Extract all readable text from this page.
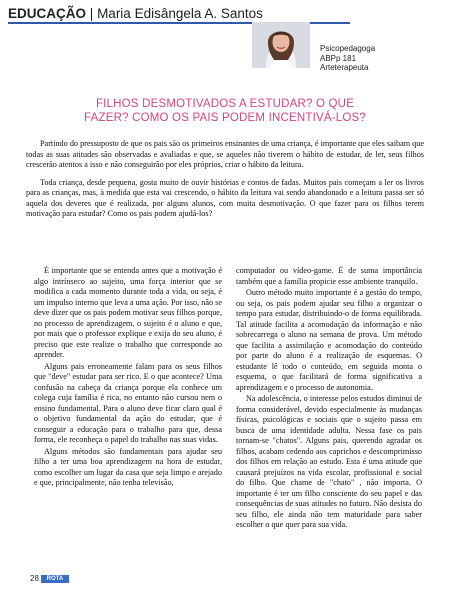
EDUCAÇÃO | Maria Edisângela A. Santos
Psicopedagoga
ABPp 181
Arteterapeuta
FILHOS DESMOTIVADOS A ESTUDAR? O QUE
FAZER? COMO OS PAIS PODEM INCENTIVÁ-LOS?

Partindo do pressuposto de que os pais são os primeiros ensinantes de uma criança, é importante que eles saibam que todas as suas atitudes são observadas e avaliadas e que, se aqueles não tiverem o hábito de estudar, de ler, seus filhos crescerão atentos a isso e não conseguirão por eles próprios, criar o hábito da leitura.

Toda criança, desde pequena, gosta muito de ouvir histórias e contos de fadas. Muitos pais começam a ler os livros para as crianças, mas, à medida que esta vai crescendo, o hábito da leitura vai sendo abandonado e a leitura passa ser só aquela dos deveres que é realizada, por alguns alunos, com muita desmotivação. O que fazer para os filhos terem motivação para estudar? Como os pais podem ajudá-los?

É importante que se entenda antes que a motivação é algo intrínseco ao sujeito, uma força interior que se modifica a cada momento durante toda a vida, ou seja, é um impulso interno que leva a uma ação. Por isso, não se deve dizer que os pais podem motivar seus filhos porque, no processo de aprendizagem, o sujeito é o aluno e que, por mais que o professor explique e exija do seu aluno, é preciso que este realize o trabalho que corresponde ao aprender.

Alguns pais erroneamente falam para os seus filhos que "deve" estudar para ser rico. E o que acontece? Uma confusão na cabeça da criança porque ela conhece um colega cuja família é rica, no entanto não cursou nem o ensino fundamental. Para o aluno deve ficar claro qual é o objetivo fundamental da ação do estudar, que é conseguir a educação para o trabalho para que, dessa forma, ele reconheça o papel do trabalho nas suas vidas.

Alguns métodos são fundamentais para ajudar seu filho a ter uma boa aprendizagem na hora de estudar, como escolher um lugar da casa que seja limpo e arejado e que, principalmente, não tenha televisão,

computador ou vídeo-game. É de suma importância também que a família propicie esse ambiente tranquilo.

Outro método muito importante é a gestão do tempo, ou seja, os pais podem ajudar seu filho a organizar o tempo para estudar, distribuindo-o de forma equilibrada. Tal atitude facilita a acomodação da informação e não sobrecarrega o aluno na semana de prova. Um método que facilita a assimilação e acomodação do conteúdo por parte do aluno é a realização de esquemas. O estudante lê todo o conteúdo, em seguida monta o esquema, o que facilitará de forma significativa a aprendizagem e o processo de autonomia.

Na adolescência, o interesse pelos estudos diminui de forma considerável, devido especialmente às mudanças físicas, psicológicas e sociais que o sujeito passa em busca de uma identidade adulta. Nessa fase os pais tornam-se "chatos". Alguns pais, querendo agradar os filhos, acabam cedendo aos caprichos e descomprimisso dos filhos em relação ao estudo. Esta é uma atitude que causará prejuízos na vida escolar, profissional e social do filho. Que chame de "chato" , não importa. O importante é ter um filho consciente do seu papel e das consequências de suas atitudes no futuro. Não desista do seu filho, ele ainda não tem maturidade para saber escolher o que quer para sua vida.

28 ROTA
